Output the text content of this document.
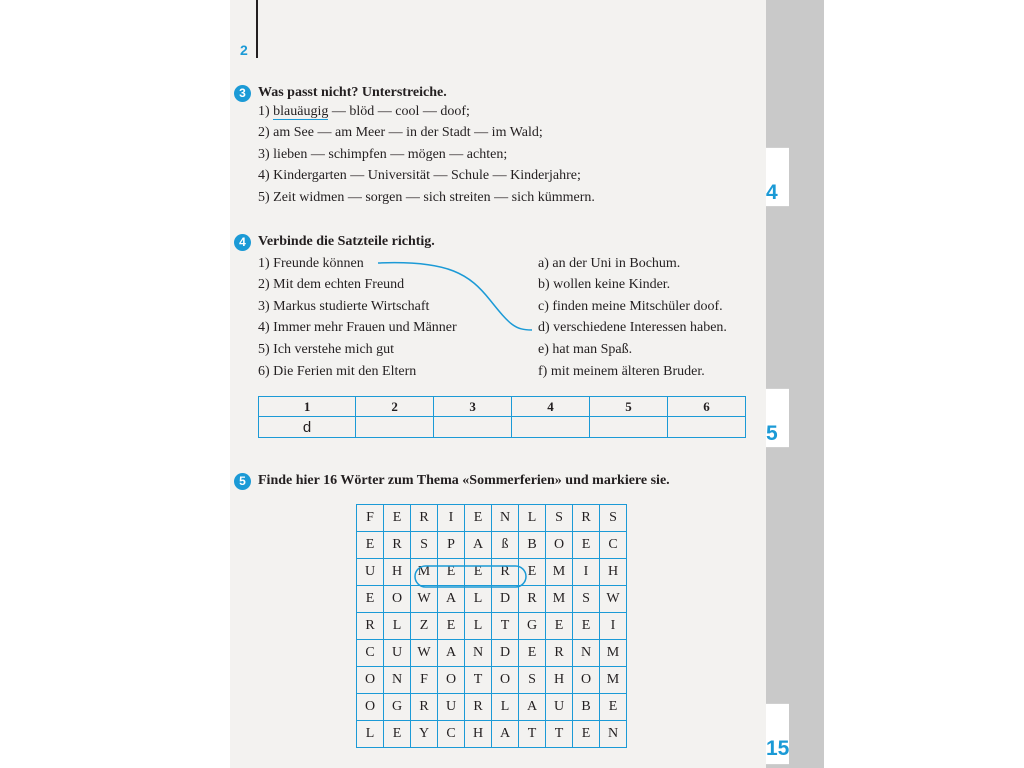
2
4
5
15
3 Was passt nicht? Unterstreiche.
1) blauäugig — blöd — cool — doof;
2) am See — am Meer — in der Stadt — im Wald;
3) lieben — schimpfen — mögen — achten;
4) Kindergarten — Universität — Schule — Kinderjahre;
5) Zeit widmen — sorgen — sich streiten — sich kümmern.
4 Verbinde die Satzteile richtig.
1) Freunde können
2) Mit dem echten Freund
3) Markus studierte Wirtschaft
4) Immer mehr Frauen und Männer
5) Ich verstehe mich gut
6) Die Ferien mit den Eltern
a) an der Uni in Bochum.
b) wollen keine Kinder.
c) finden meine Mitschüler doof.
d) verschiedene Interessen haben.
e) hat man Spaß.
f) mit meinem älteren Bruder.
1	2	3	4	5	6
d					
5 Finde hier 16 Wörter zum Thema «Sommerferien» und markiere sie.
F	E	R	I	E	N	L	S	R	S
E	R	S	P	A	ß	B	O	E	C
U	H	M	E	E	R	E	M	I	H
E	O	W	A	L	D	R	M	S	W
R	L	Z	E	L	T	G	E	E	I
C	U	W	A	N	D	E	R	N	M
O	N	F	O	T	O	S	H	O	M
O	G	R	U	R	L	A	U	B	E
L	E	Y	C	H	A	T	T	E	N
